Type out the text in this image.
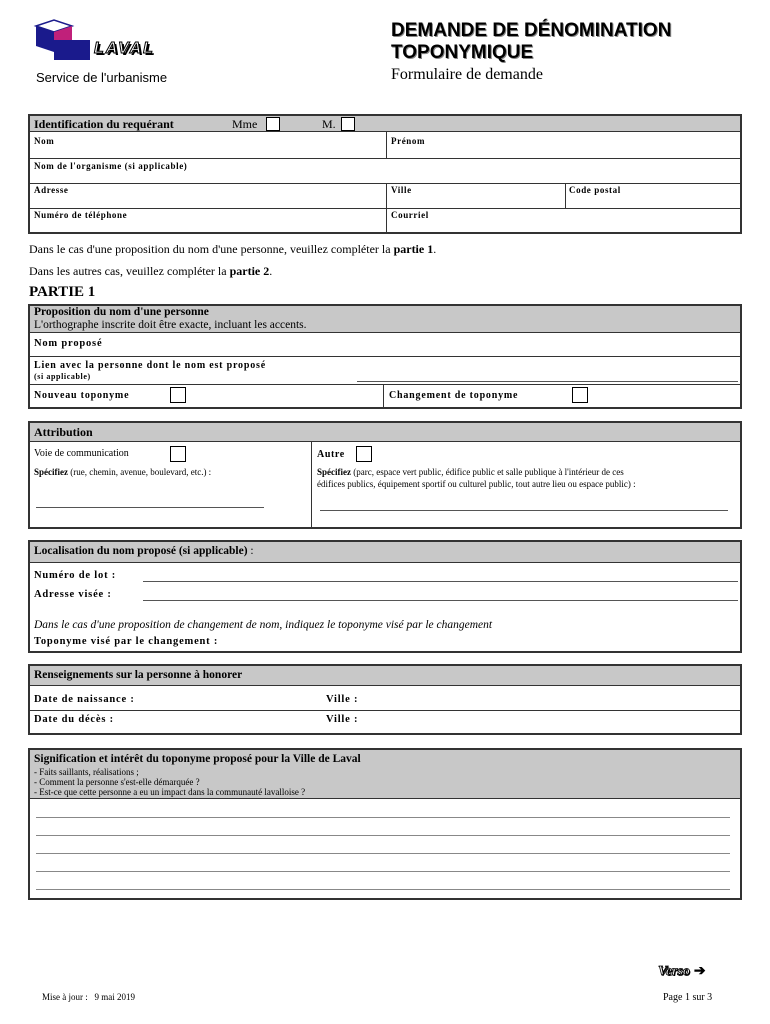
LAVAL
Service de l'urbanisme
DEMANDE DE DÉNOMINATION
TOPONYMIQUE
Formulaire de demande
Identification du requérant	Mme	M.
Nom	Prénom
Nom de l'organisme (si applicable)
Adresse	Ville	Code postal
Numéro de téléphone	Courriel
Dans le cas d'une proposition du nom d'une personne, veuillez compléter la partie 1.
Dans les autres cas, veuillez compléter la partie 2.
PARTIE 1
Proposition du nom d'une personne
L'orthographe inscrite doit être exacte, incluant les accents.
Nom proposé
Lien avec la personne dont le nom est proposé
(si applicable)
Nouveau toponyme	Changement de toponyme
Attribution
Voie de communication	Autre
Spécifiez (rue, chemin, avenue, boulevard, etc.) :	Spécifiez (parc, espace vert public, édifice public et salle publique à l'intérieur de ces
édifices publics, équipement sportif ou culturel public, tout autre lieu ou espace public) :
Localisation du nom proposé (si applicable) :
Numéro de lot :
Adresse visée :
Dans le cas d'une proposition de changement de nom, indiquez le toponyme visé par le changement
Toponyme visé par le changement :
Renseignements sur la personne à honorer
Date de naissance :	Ville :
Date du décès :	Ville :
Signification et intérêt du toponyme proposé pour la Ville de Laval
- Faits saillants, réalisations ;
- Comment la personne s'est-elle démarquée ?
- Est-ce que cette personne a eu un impact dans la communauté lavalloise ?
Verso ➔
Mise à jour :   9 mai 2019	Page 1 sur 3
